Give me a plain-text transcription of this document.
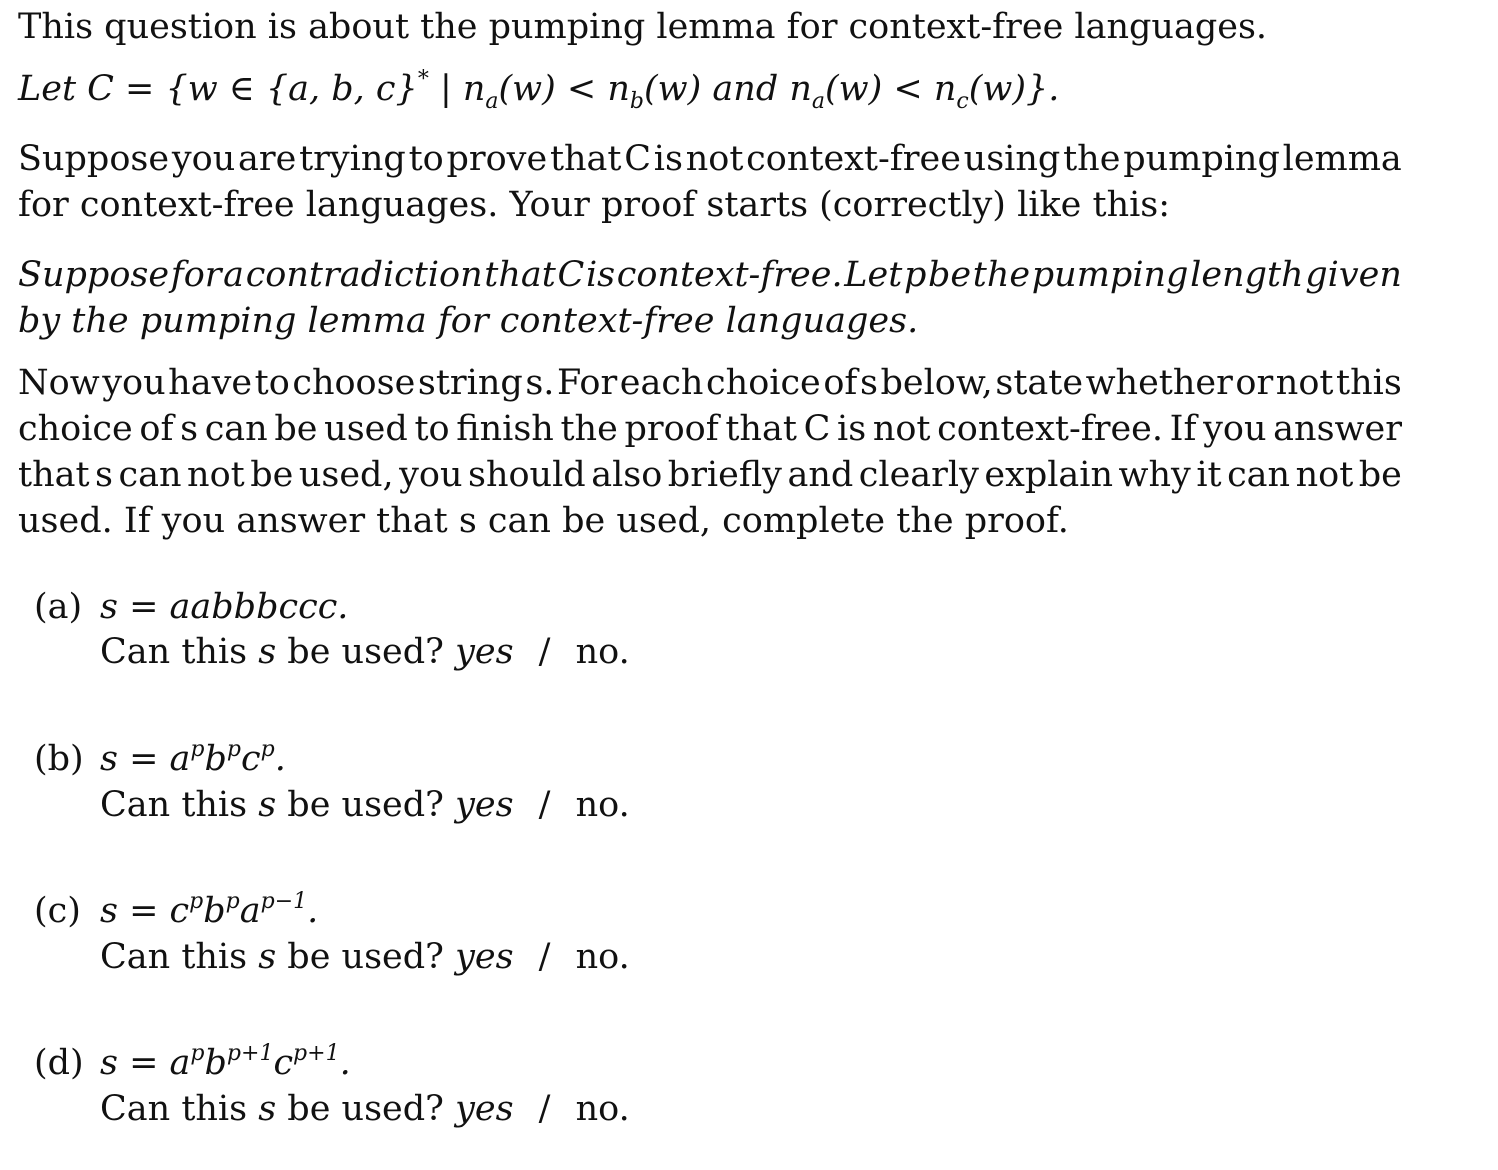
This question is about the pumping lemma for context-free languages.
Let C = {w ∈ {a, b, c}* | $n_a(w) < n_b(w)$ and $n_a(w) < n_c(w)$}.
Suppose you are trying to prove that C is not context-free using the pumping lemma
for context-free languages. Your proof starts (correctly) like this:
Suppose for a contradiction that C is context-free. Let p be the pumping length given
by the pumping lemma for context-free languages.
Now you have to choose string s. For each choice of s below, state whether or not this
choice of s can be used to finish the proof that C is not context-free. If you answer
that s can not be used, you should also briefly and clearly explain why it can not be
used. If you answer that s can be used, complete the proof.
(a) s = aabbbccc.
Can this s be used? yes / no.
(b) $s = a^pb^pc^p$.
Can this s be used? yes / no.
(c) $s = c^pb^pa^{p-1}$.
Can this s be used? yes / no.
(d) $s = a^pb^{p+1}c^{p+1}$.
Can this s be used? yes / no.
